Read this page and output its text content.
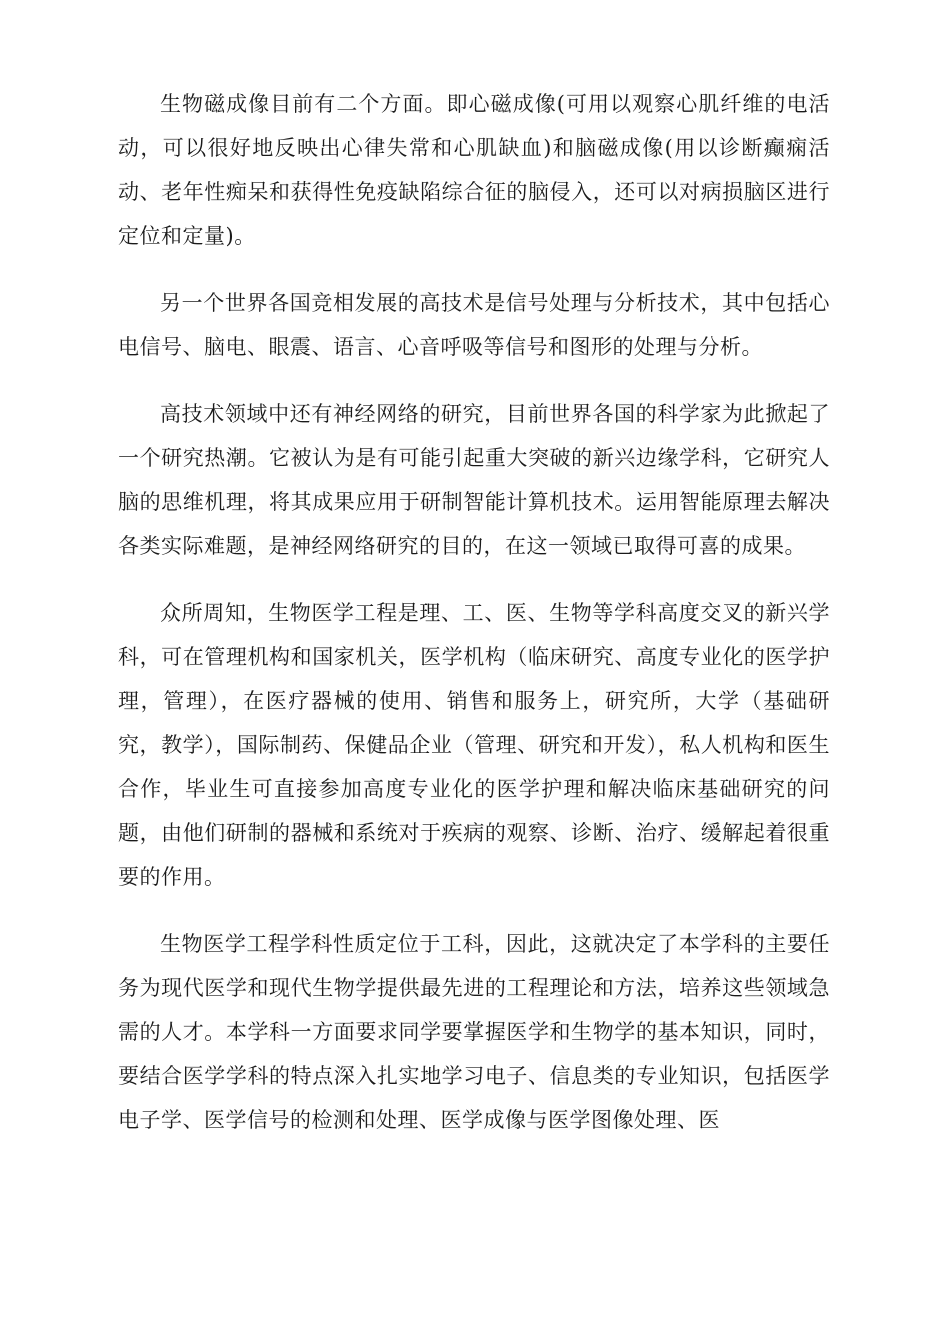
生物磁成像目前有二个方面。即心磁成像(可用以观察心肌纤维的电活动，可以很好地反映出心律失常和心肌缺血)和脑磁成像(用以诊断癫痫活动、老年性痴呆和获得性免疫缺陷综合征的脑侵入，还可以对病损脑区进行定位和定量)。

另一个世界各国竞相发展的高技术是信号处理与分析技术，其中包括心电信号、脑电、眼震、语言、心音呼吸等信号和图形的处理与分析。

高技术领域中还有神经网络的研究，目前世界各国的科学家为此掀起了一个研究热潮。它被认为是有可能引起重大突破的新兴边缘学科，它研究人脑的思维机理，将其成果应用于研制智能计算机技术。运用智能原理去解决各类实际难题，是神经网络研究的目的，在这一领域已取得可喜的成果。

众所周知，生物医学工程是理、工、医、生物等学科高度交叉的新兴学科，可在管理机构和国家机关，医学机构（临床研究、高度专业化的医学护理，管理），在医疗器械的使用、销售和服务上，研究所，大学（基础研究，教学），国际制药、保健品企业（管理、研究和开发），私人机构和医生合作，毕业生可直接参加高度专业化的医学护理和解决临床基础研究的问题，由他们研制的器械和系统对于疾病的观察、诊断、治疗、缓解起着很重要的作用。

生物医学工程学科性质定位于工科，因此，这就决定了本学科的主要任务为现代医学和现代生物学提供最先进的工程理论和方法，培养这些领域急需的人才。本学科一方面要求同学要掌握医学和生物学的基本知识，同时，要结合医学学科的特点深入扎实地学习电子、信息类的专业知识，包括医学电子学、医学信号的检测和处理、医学成像与医学图像处理、医
